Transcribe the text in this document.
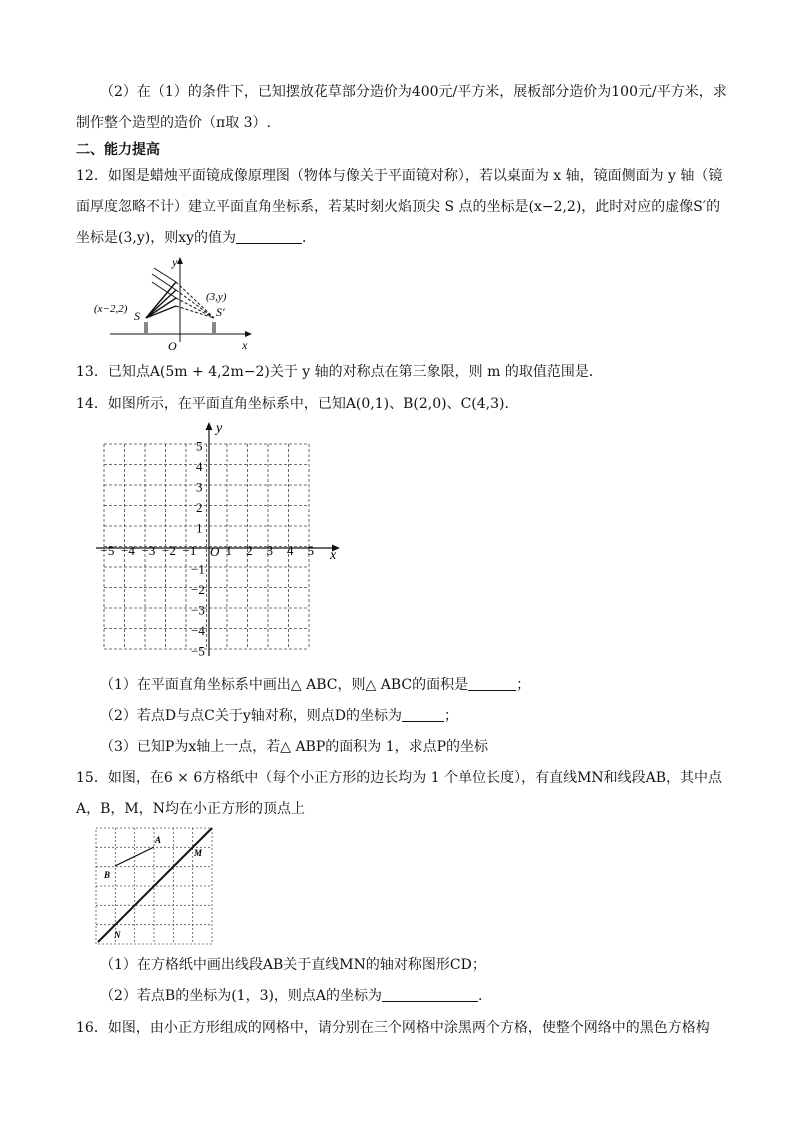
（2）在（1）的条件下，已知摆放花草部分造价为400元/平方米，展板部分造价为100元/平方米，求
制作整个造型的造价（π取 3）.
二、能力提高
12．如图是蜡烛平面镜成像原理图（物体与像关于平面镜对称），若以桌面为 x 轴，镜面侧面为 y 轴（镜
面厚度忽略不计）建立平面直角坐标系，若某时刻火焰顶尖 S 点的坐标是(x−2,2)，此时对应的虚像S′的
坐标是(3,y)，则xy的值为	．
y
x
O
S
(x−2,2)	S′
(3,y)
13．已知点A(5m + 4,2m−2)关于 y 轴的对称点在第三象限，则 m 的取值范围是．
14．如图所示，在平面直角坐标系中，已知A(0,1)、B(2,0)、C(4,3)．
x
y
O
−5 −4 −3 −2 −1 1 2 3 4 5
5
4
3
2
1
−1
−2
−3
−4
−5
（1）在平面直角坐标系中画出△ ABC，则△ ABC的面积是	；
（2）若点D与点C关于y轴对称，则点D的坐标为	；
（3）已知P为x轴上一点，若△ ABP的面积为 1，求点P的坐标
15．如图，在6 × 6方格纸中（每个小正方形的边长均为 1 个单位长度），有直线MN和线段AB，其中点
A，B，M，N均在小正方形的顶点上
A
B
M
N
（1）在方格纸中画出线段AB关于直线MN的轴对称图形CD；
（2）若点B的坐标为(1，3)，则点A的坐标为	.
16．如图，由小正方形组成的网格中，请分别在三个网格中涂黑两个方格，使整个网络中的黑色方格构
